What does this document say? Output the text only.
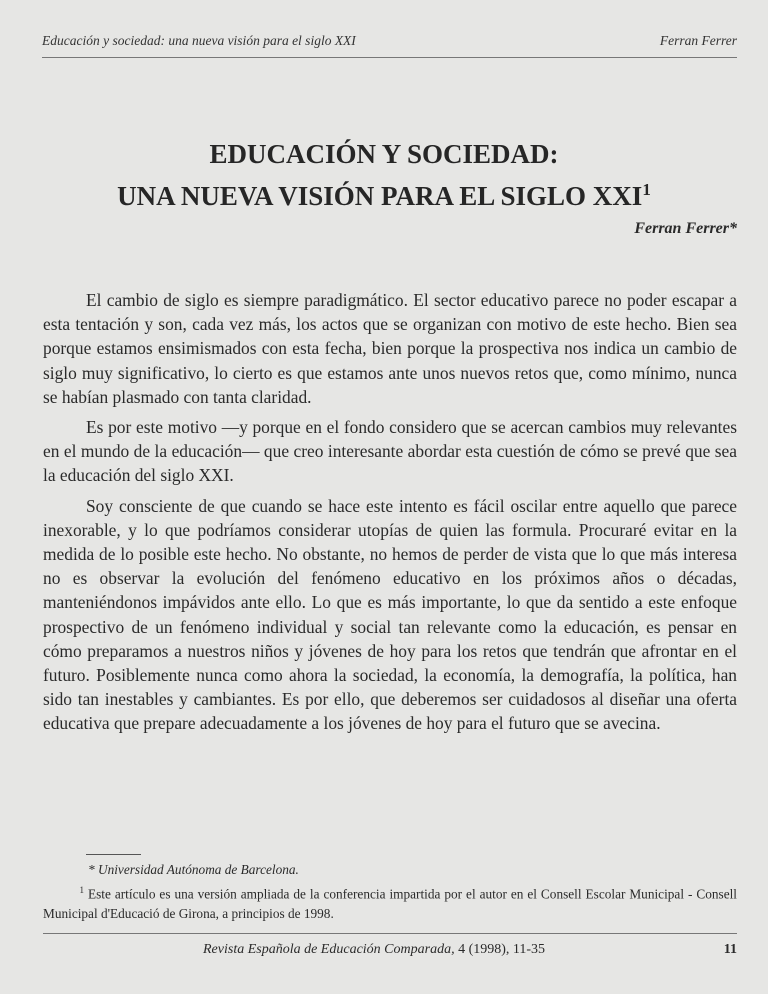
Educación y sociedad: una nueva visión para el siglo XXI	Ferran Ferrer
EDUCACIÓN Y SOCIEDAD:
UNA NUEVA VISIÓN PARA EL SIGLO XXI$^1$
Ferran Ferrer*

El cambio de siglo es siempre paradigmático. El sector educativo parece no poder escapar a esta tentación y son, cada vez más, los actos que se organizan con motivo de este hecho. Bien sea porque estamos ensimismados con esta fecha, bien porque la prospectiva nos indica un cambio de siglo muy significativo, lo cierto es que estamos ante unos nuevos retos que, como mínimo, nunca se habían plasmado con tanta claridad.

Es por este motivo —y porque en el fondo considero que se acercan cambios muy relevantes en el mundo de la educación— que creo interesante abordar esta cuestión de cómo se prevé que sea la educación del siglo XXI.

Soy consciente de que cuando se hace este intento es fácil oscilar entre aquello que parece inexorable, y lo que podríamos considerar utopías de quien las formula. Procuraré evitar en la medida de lo posible este hecho. No obstante, no hemos de perder de vista que lo que más interesa no es observar la evolución del fenómeno educativo en los próximos años o décadas, manteniéndonos impávidos ante ello. Lo que es más importante, lo que da sentido a este enfoque prospectivo de un fenómeno individual y social tan relevante como la educación, es pensar en cómo preparamos a nuestros niños y jóvenes de hoy para los retos que tendrán que afrontar en el futuro. Posiblemente nunca como ahora la sociedad, la economía, la demografía, la política, han sido tan inestables y cambiantes. Es por ello, que deberemos ser cuidadosos al diseñar una oferta educativa que prepare adecuadamente a los jóvenes de hoy para el futuro que se avecina.

* Universidad Autónoma de Barcelona.

$^1$ Este artículo es una versión ampliada de la conferencia impartida por el autor en el Consell Escolar Municipal - Consell Municipal d'Educació de Girona, a principios de 1998.

Revista Española de Educación Comparada, 4 (1998), 11-35	11
